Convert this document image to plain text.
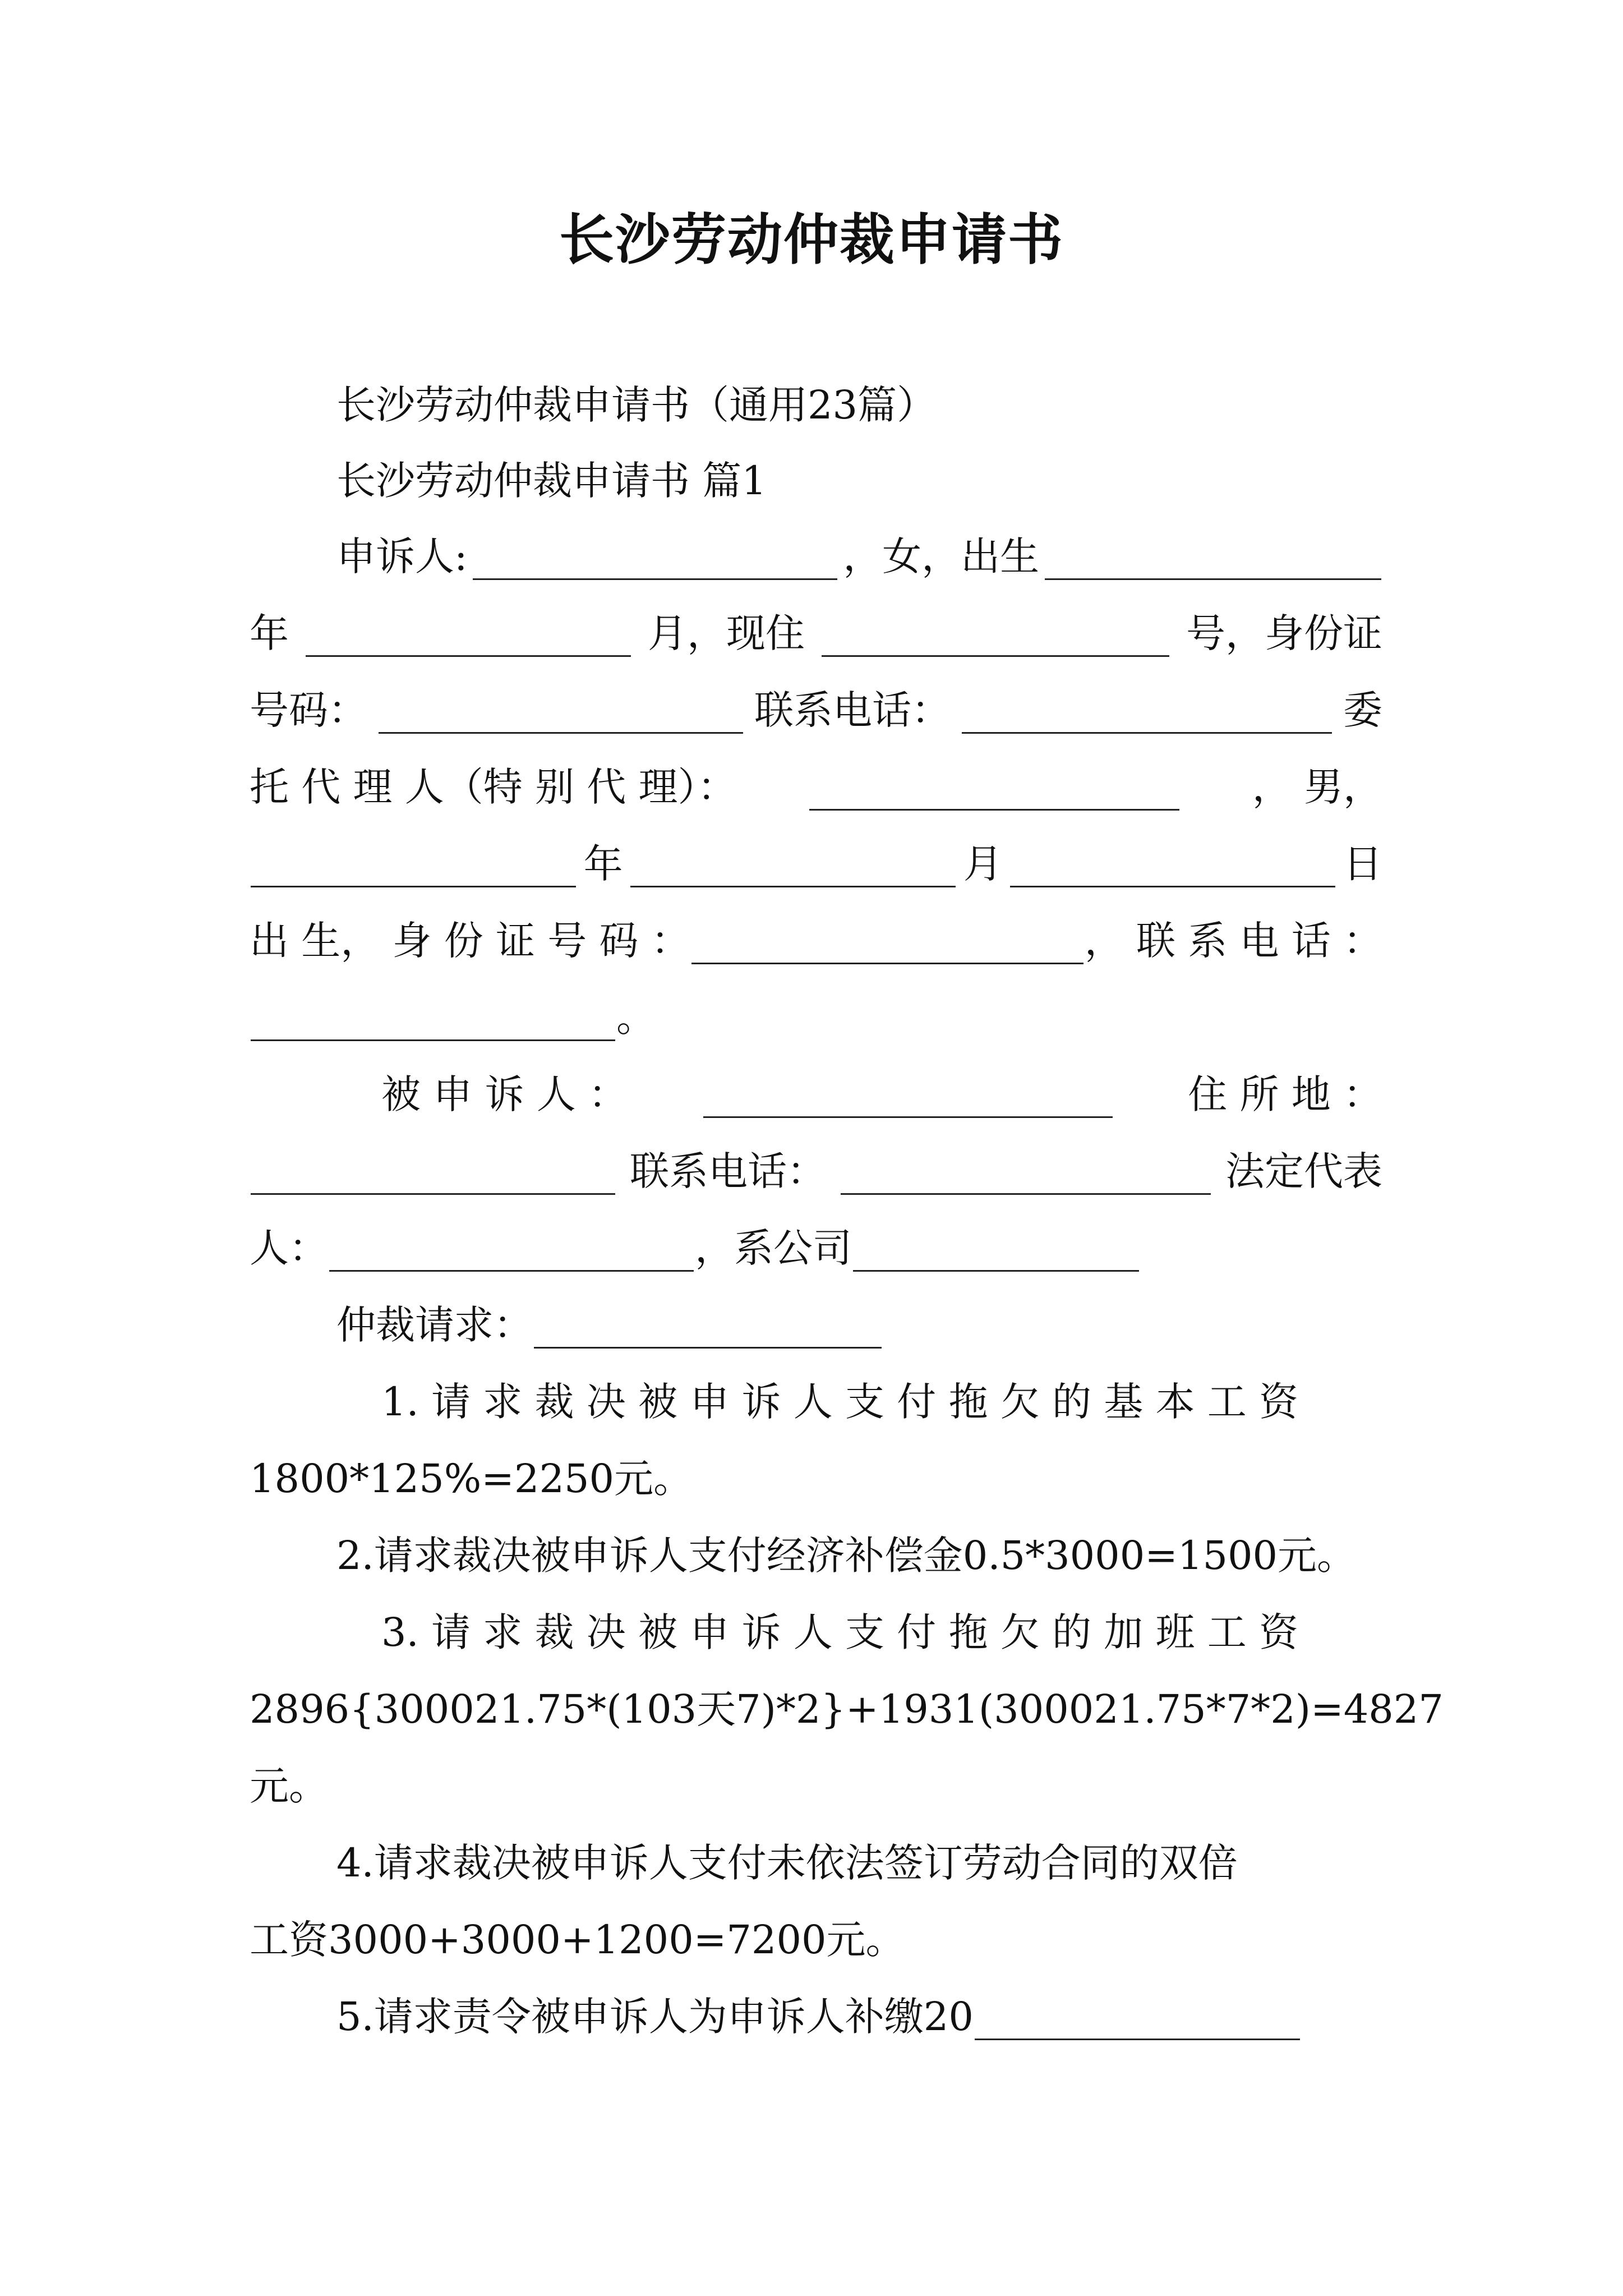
长沙劳动仲裁申请书
长沙劳动仲裁申请书（通用23篇）
长沙劳动仲裁申请书 篇1
申诉人:	，女，出生
年	月，现住	号，身份证
号码：	联系电话：	委
托 代 理 人（特 别 代 理）：	， 男，
年	月	日
出 生， 身 份 证 号 码 ：	， 联 系 电 话 ：
。
被 申 诉 人 ：	住 所 地 ：
联系电话：	法定代表
人：	，系公司
仲裁请求：
1. 请 求 裁 决 被 申 诉 人 支 付 拖 欠 的 基 本 工 资
1800*125%=2250元。
2.请求裁决被申诉人支付经济补偿金0.5*3000=1500元。
3. 请 求 裁 决 被 申 诉 人 支 付 拖 欠 的 加 班 工 资
2896{300021.75*(103天7)*2}+1931(300021.75*7*2)=4827
元。
4.请求裁决被申诉人支付未依法签订劳动合同的双倍
工资3000+3000+1200=7200元。
5.请求责令被申诉人为申诉人补缴20
